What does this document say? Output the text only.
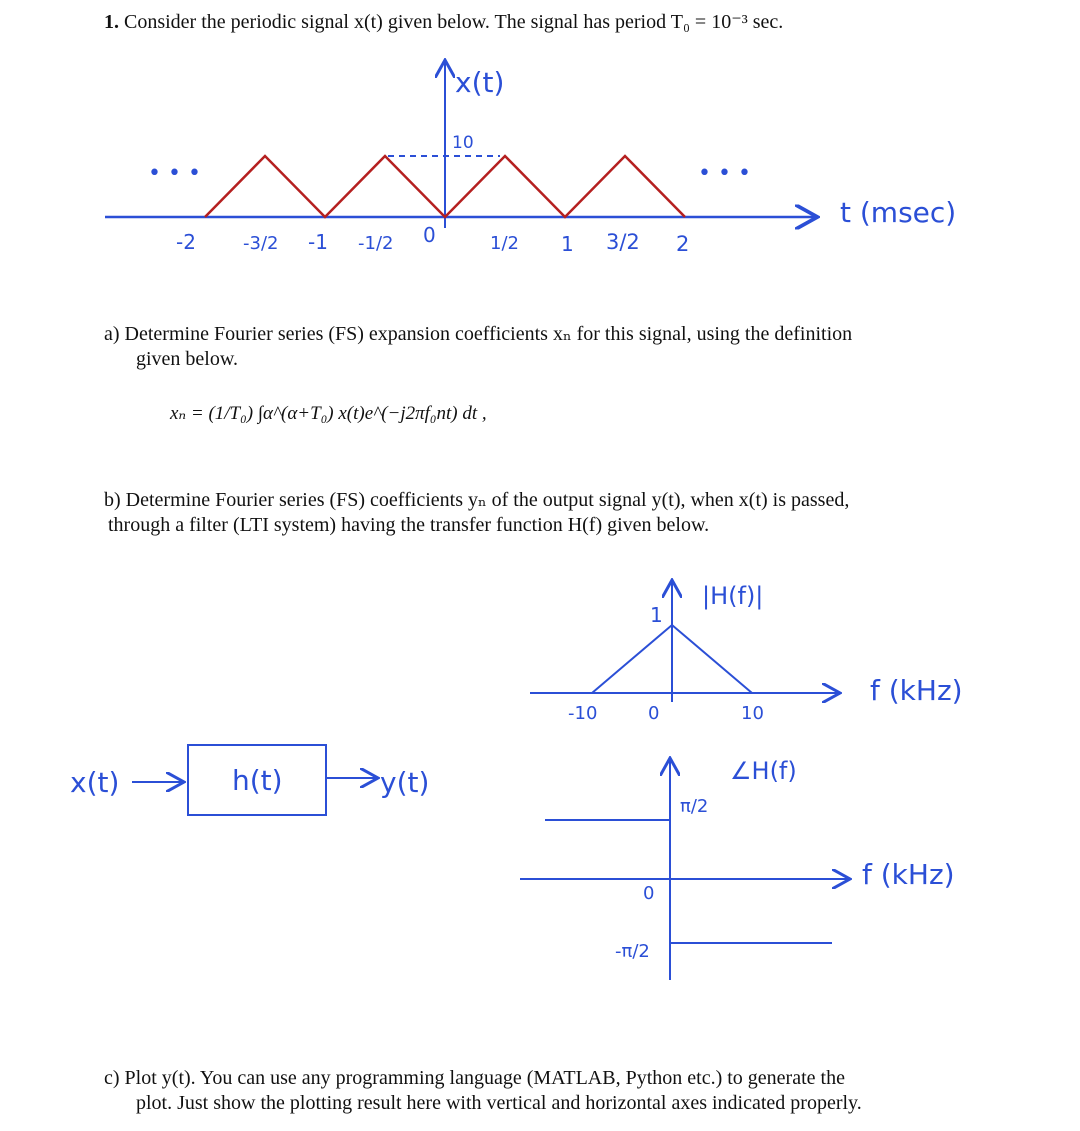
1. Consider the periodic signal x(t) given below. The signal has period T₀ = 10⁻³ sec.
x(t)
10
t (msec)
• • •	• • •
-2	-3/2 -1 -1/2 0	1/2 1 3/2 2
x(t)	h(t)	y(t)
|H(f)|
1
f (kHz)
-10	0	10
∠H(f)
π/2
-π/2
0
f (kHz)
a) Determine Fourier series (FS) expansion coefficients xₙ for this signal, using the definition
given below.
xₙ = (1/T₀) ∫α^(α+T₀) x(t)e^(−j2πf₀nt) dt ,
b) Determine Fourier series (FS) coefficients yₙ of the output signal y(t), when x(t) is passed,
through a filter (LTI system) having the transfer function H(f) given below.
c) Plot y(t). You can use any programming language (MATLAB, Python etc.) to generate the
plot. Just show the plotting result here with vertical and horizontal axes indicated properly.
